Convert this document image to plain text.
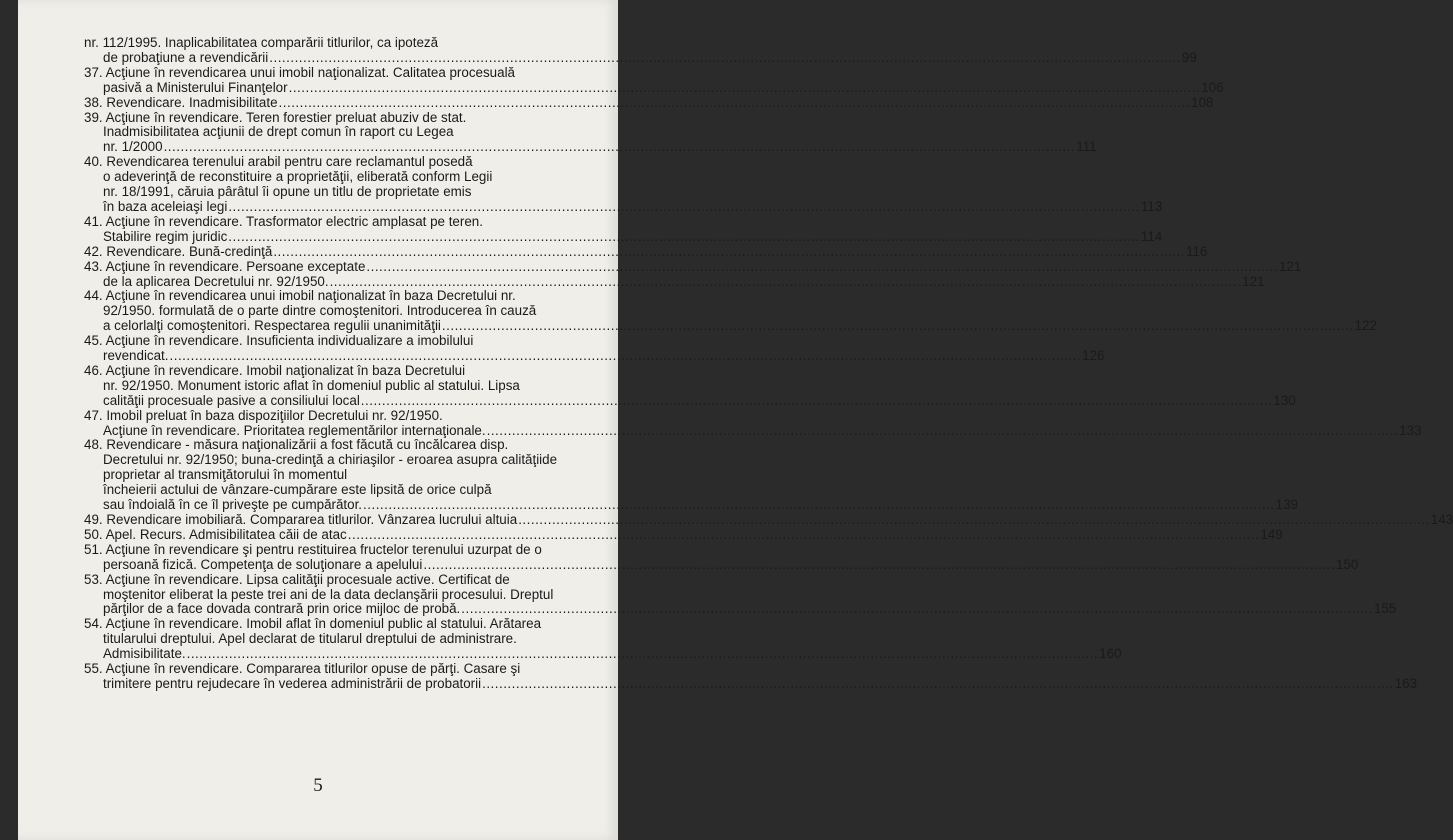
nr. 112/1995. Inaplicabilitatea comparării titlurilor, ca ipoteză
de probaţiune a revendicării .....	99
37. Acţiune în revendicarea unui imobil naţionalizat. Calitatea procesuală
pasivă a Ministerului Finanţelor .....	106
38. Revendicare. Inadmisibilitate .....	108
39. Acţiune în revendicare. Teren forestier preluat abuziv de stat.
Inadmisibilitatea acţiunii de drept comun în raport cu Legea
nr. 1/2000 .....	111
40. Revendicarea terenului arabil pentru care reclamantul posedă
o adeverinţă de reconstituire a proprietăţii, eliberată conform Legii
nr. 18/1991, căruia pârâtul îi opune un titlu de proprietate emis
în baza aceleiaşi legi .....	113
41. Acţiune în revendicare. Trasformator electric amplasat pe teren.
Stabilire regim juridic .....	114
42. Revendicare. Bună-credinţă .....	116
43. Acţiune în revendicare. Persoane exceptate .....	121
de la aplicarea Decretului nr. 92/1950. .....	121
44. Acţiune în revendicarea unui imobil naţionalizat în baza Decretului nr.
92/1950. formulată de o parte dintre comoştenitori. Introducerea în cauză
a celorlalţi comoştenitori. Respectarea regulii unanimităţii .....	122
45. Acţiune în revendicare. Insuficienta individualizare a imobilului
revendicat. .....	126
46. Acţiune în revendicare. Imobil naţionalizat în baza Decretului
nr. 92/1950. Monument istoric aflat în domeniul public al statului. Lipsa
calităţii procesuale pasive a consiliului local .....	130
47. Imobil preluat în baza dispoziţiilor Decretului nr. 92/1950.
Acţiune în revendicare. Prioritatea reglementărilor internaţionale. .....	133
48. Revendicare - măsura naţionalizării a fost făcută cu încălcarea disp.
Decretului nr. 92/1950; buna-credinţă a chiriaşilor - eroarea asupra calităţiide
proprietar al transmiţătorului în momentul
încheierii actului de vânzare-cumpărare este lipsită de orice culpă
sau îndoială în ce îl priveşte pe cumpărător. .....	139
49. Revendicare imobiliară. Compararea titlurilor. Vânzarea lucrului altuia .....	143
50. Apel. Recurs. Admisibilitatea căii de atac .....	149
51. Acţiune în revendicare şi pentru restituirea fructelor terenului uzurpat de o
persoană fizică. Competenţa de soluţionare a apelului .....	150
53. Acţiune în revendicare. Lipsa calităţii procesuale active. Certificat de
moştenitor eliberat la peste trei ani de la data declanşării procesului. Dreptul
părţilor de a face dovada contrară prin orice mijloc de probă. .....	155
54. Acţiune în revendicare. Imobil aflat în domeniul public al statului. Arătarea
titularului dreptului. Apel declarat de titularul dreptului de administrare.
Admisibilitate. .....	160
55. Acţiune în revendicare. Compararea titlurilor opuse de părţi. Casare şi
trimitere pentru rejudecare în vederea administrării de probatorii .....	163
5
